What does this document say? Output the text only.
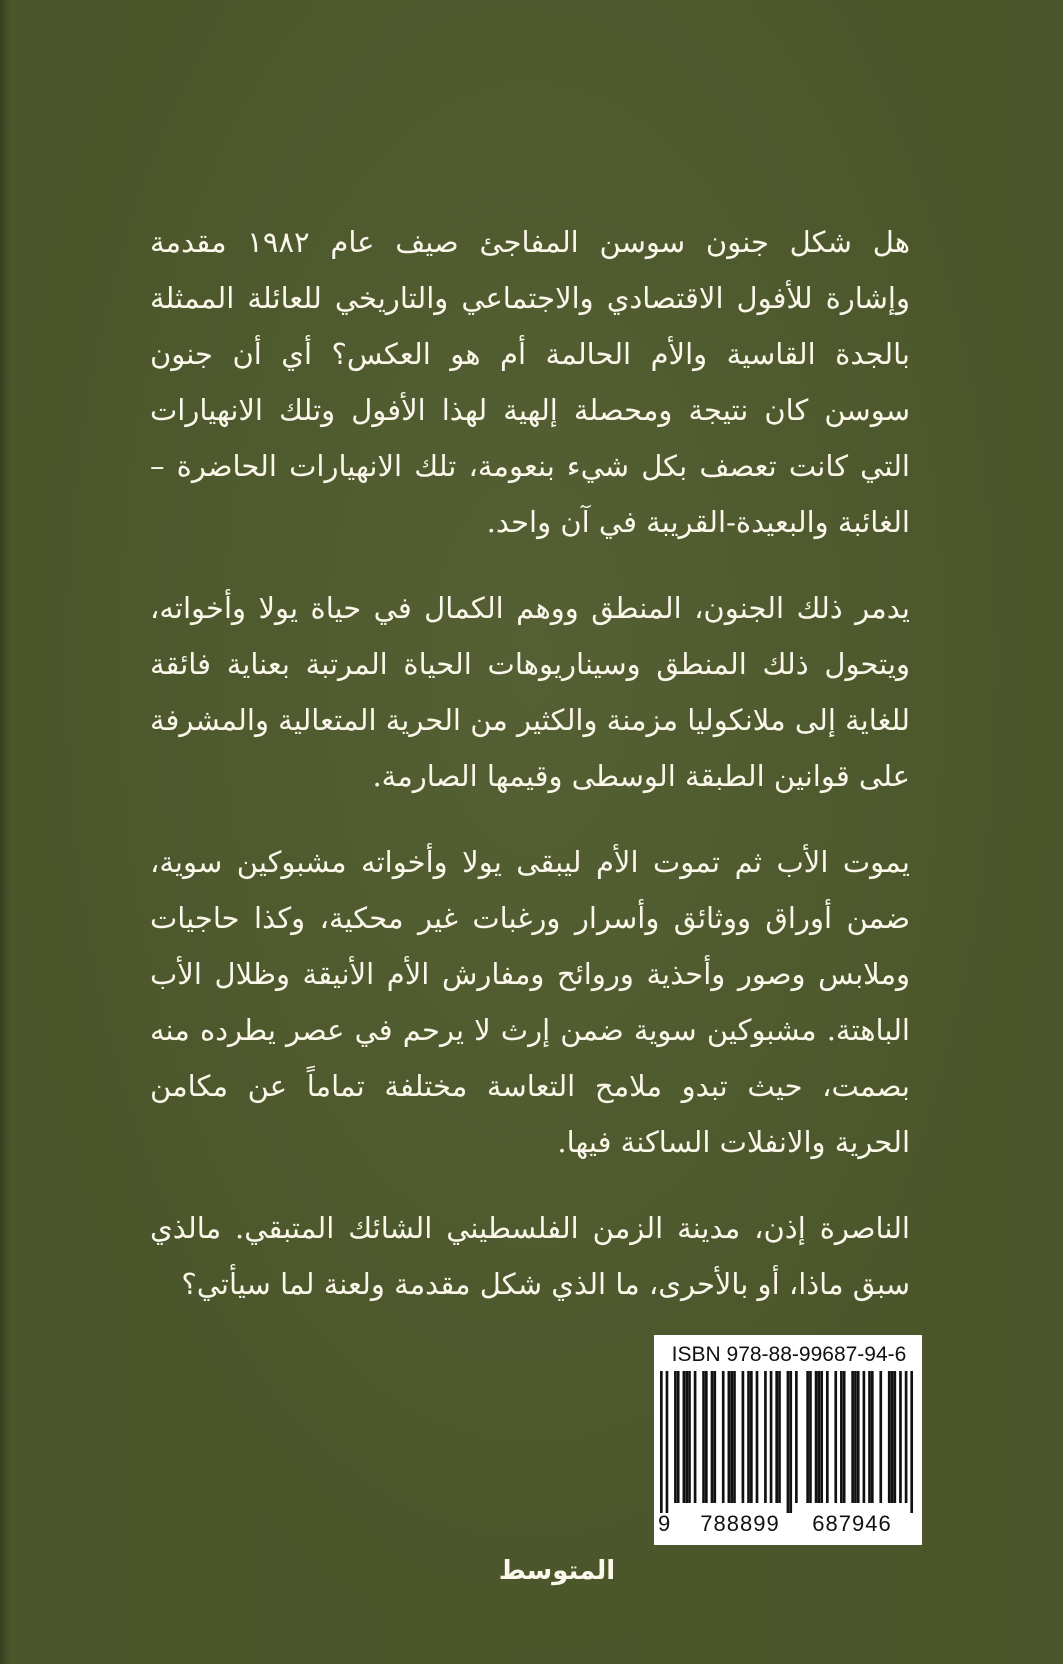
هل شكل جنون سوسن المفاجئ صيف عام ١٩٨٢ مقدمة وإشارة للأفول الاقتصادي والاجتماعي والتاريخي للعائلة الممثلة بالجدة القاسية والأم الحالمة أم هو العكس؟ أي أن جنون سوسن كان نتيجة ومحصلة إلهية لهذا الأفول وتلك الانهيارات التي كانت تعصف بكل شيء بنعومة، تلك الانهيارات الحاضرة – الغائبة والبعيدة-القريبة في آن واحد.

يدمر ذلك الجنون، المنطق ووهم الكمال في حياة يولا وأخواته، ويتحول ذلك المنطق وسيناريوهات الحياة المرتبة بعناية فائقة للغاية إلى ملانكوليا مزمنة والكثير من الحرية المتعالية والمشرفة على قوانين الطبقة الوسطى وقيمها الصارمة.

يموت الأب ثم تموت الأم ليبقى يولا وأخواته مشبوكين سوية، ضمن أوراق ووثائق وأسرار ورغبات غير محكية، وكذا حاجيات وملابس وصور وأحذية وروائح ومفارش الأم الأنيقة وظلال الأب الباهتة. مشبوكين سوية ضمن إرث لا يرحم في عصر يطرده منه بصمت، حيث تبدو ملامح التعاسة مختلفة تماماً عن مكامن الحرية والانفلات الساكنة فيها.

الناصرة إذن، مدينة الزمن الفلسطيني الشائك المتبقي. مالذي سبق ماذا، أو بالأحرى، ما الذي شكل مقدمة ولعنة لما سيأتي؟

ISBN 978-88-99687-94-6
9	788899	687946
المتوسط
